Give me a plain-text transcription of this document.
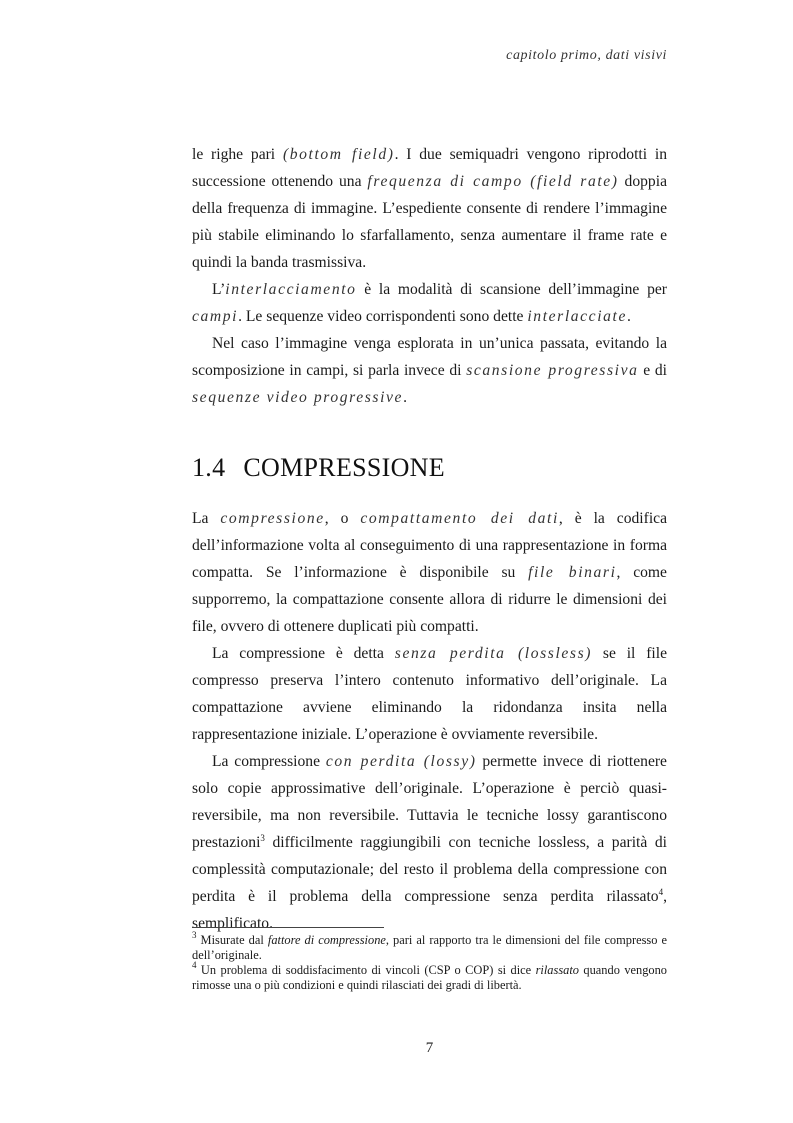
capitolo primo, dati visivi

le righe pari (bottom field). I due semiquadri vengono riprodotti in successione ottenendo una frequenza di campo (field rate) doppia della frequenza di immagine. L’espediente consente di rendere l’immagine più stabile eliminando lo sfarfallamento, senza aumentare il frame rate e quindi la banda trasmissiva.

L’interlacciamento è la modalità di scansione dell’immagine per campi. Le sequenze video corrispondenti sono dette interlacciate.

Nel caso l’immagine venga esplorata in un’unica passata, evitando la scomposizione in campi, si parla invece di scansione progressiva e di sequenze video progressive.

1.4 COMPRESSIONE

La compressione, o compattamento dei dati, è la codifica dell’informazione volta al conseguimento di una rappresentazione in forma compatta. Se l’informazione è disponibile su file binari, come supporremo, la compattazione consente allora di ridurre le dimensioni dei file, ovvero di ottenere duplicati più compatti.

La compressione è detta senza perdita (lossless) se il file compresso preserva l’intero contenuto informativo dell’originale. La compattazione avviene eliminando la ridondanza insita nella rappresentazione iniziale. L’operazione è ovviamente reversibile.

La compressione con perdita (lossy) permette invece di riottenere solo copie approssimative dell’originale. L’operazione è perciò quasi-reversibile, ma non reversibile. Tuttavia le tecniche lossy garantiscono prestazioni$^3$ difficilmente raggiungibili con tecniche lossless, a parità di complessità computazionale; del resto il problema della compressione con perdita è il problema della compressione senza perdita rilassato$^4$, semplificato.

$^3$ Misurate dal fattore di compressione, pari al rapporto tra le dimensioni del file compresso e dell’originale.

$^4$ Un problema di soddisfacimento di vincoli (CSP o COP) si dice rilassato quando vengono rimosse una o più condizioni e quindi rilasciati dei gradi di libertà.

7
